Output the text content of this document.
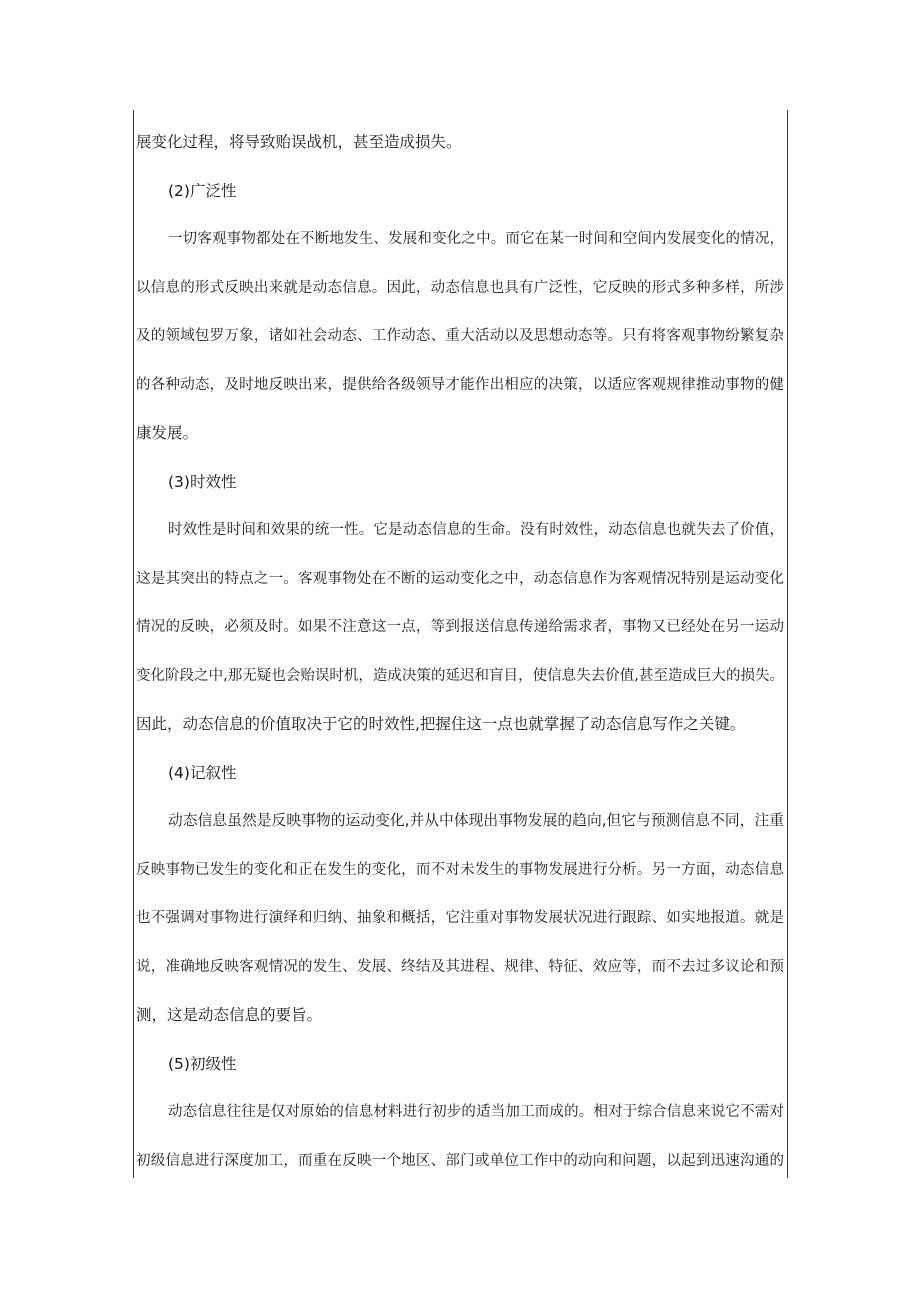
展变化过程，将导致贻误战机，甚至造成损失。
(2)广泛性
一切客观事物都处在不断地发生、发展和变化之中。而它在某一时间和空间内发展变化的情况，
以信息的形式反映出来就是动态信息。因此，动态信息也具有广泛性，它反映的形式多种多样，所涉
及的领域包罗万象，诸如社会动态、工作动态、重大活动以及思想动态等。只有将客观事物纷繁复杂
的各种动态，及时地反映出来，提供给各级领导才能作出相应的决策，以适应客观规律推动事物的健
康发展。
(3)时效性
时效性是时间和效果的统一性。它是动态信息的生命。没有时效性，动态信息也就失去了价值，
这是其突出的特点之一。客观事物处在不断的运动变化之中，动态信息作为客观情况特别是运动变化
情况的反映，必须及时。如果不注意这一点，等到报送信息传递给需求者，事物又已经处在另一运动
变化阶段之中,那无疑也会贻误时机，造成决策的延迟和盲目，使信息失去价值,甚至造成巨大的损失。
因此，动态信息的价值取决于它的时效性,把握住这一点也就掌握了动态信息写作之关键。
(4)记叙性
动态信息虽然是反映事物的运动变化,并从中体现出事物发展的趋向,但它与预测信息不同，注重
反映事物已发生的变化和正在发生的变化，而不对未发生的事物发展进行分析。另一方面，动态信息
也不强调对事物进行演绎和归纳、抽象和概括，它注重对事物发展状况进行跟踪、如实地报道。就是
说，准确地反映客观情况的发生、发展、终结及其进程、规律、特征、效应等，而不去过多议论和预
测，这是动态信息的要旨。
(5)初级性
动态信息往往是仅对原始的信息材料进行初步的适当加工而成的。相对于综合信息来说它不需对
初级信息进行深度加工，而重在反映一个地区、部门或单位工作中的动向和问题，以起到迅速沟通的
